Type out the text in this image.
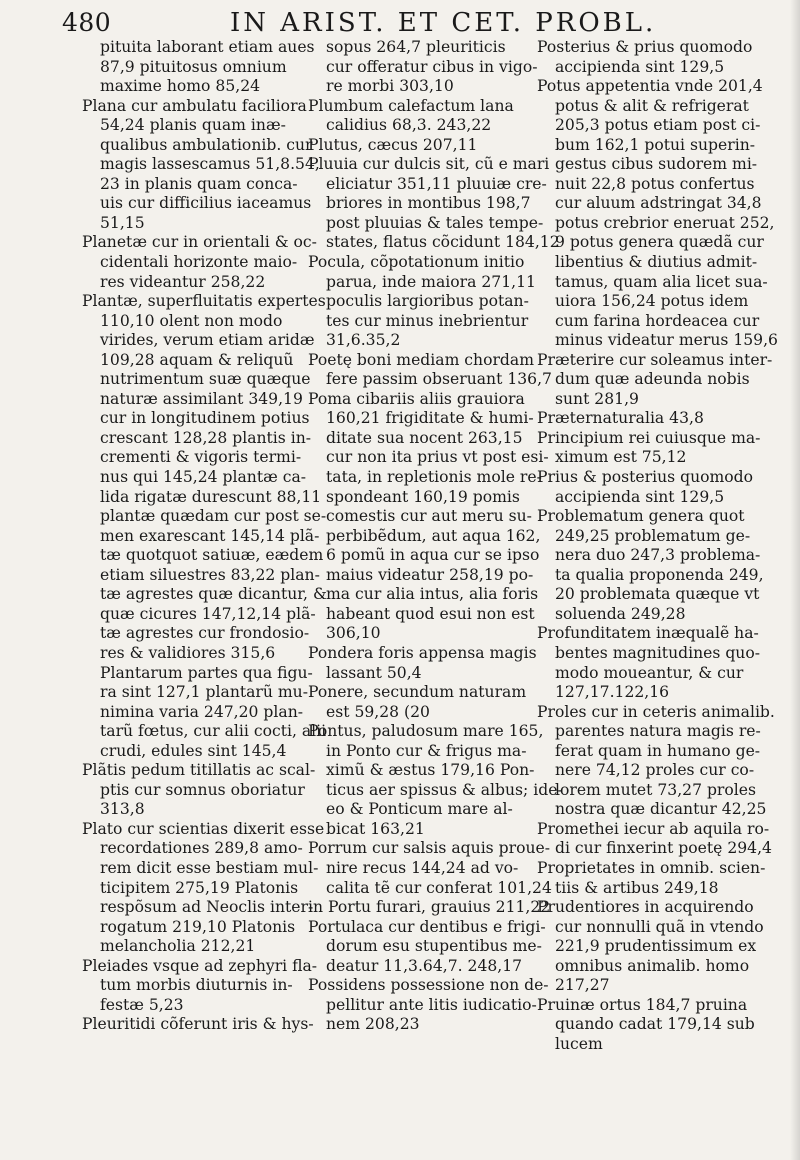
480	IN ARIST. ET CET. PROBL.
pituita laborant etiam aues
87,9 pituitosus omnium
maxime homo 85,24
Plana cur ambulatu faciliora
54,24 planis quam inæ-
qualibus ambulationib. cur
magis lassescamus 51,8.54,
23 in planis quam conca-
uis cur difficilius iaceamus
51,15
Planetæ cur in orientali & oc-
cidentali horizonte maio-
res videantur 258,22
Plantæ, superfluitatis expertes
110,10 olent non modo
virides, verum etiam aridæ
109,28 aquam & reliquũ
nutrimentum suæ quæque
naturæ assimilant 349,19
cur in longitudinem potius
crescant 128,28 plantis in-
crementi & vigoris termi-
nus qui 145,24 plantæ ca-
lida rigatæ durescunt 88,11
plantæ quædam cur post se-
men exarescant 145,14 plã-
tæ quotquot satiuæ, eædem
etiam siluestres 83,22 plan-
tæ agrestes quæ dicantur, &
quæ cicures 147,12,14 plã-
tæ agrestes cur frondosio-
res & validiores 315,6
Plantarum partes qua figu-
ra sint 127,1 plantarũ mu-
nimina varia 247,20 plan-
tarũ fœtus, cur alii cocti, alii
crudi, edules sint 145,4
Plãtis pedum titillatis ac scal-
ptis cur somnus oboriatur
313,8
Plato cur scientias dixerit esse
recordationes 289,8 amo-
rem dicit esse bestiam mul-
ticipitem 275,19 Platonis
respõsum ad Neoclis inter-
rogatum 219,10 Platonis
melancholia 212,21
Pleiades vsque ad zephyri fla-
tum morbis diuturnis in-
festæ 5,23
Pleuritidi cõferunt iris & hys-
sopus 264,7 pleuriticis
cur offeratur cibus in vigo-
re morbi 303,10
Plumbum calefactum lana
calidius 68,3. 243,22
Plutus, cæcus 207,11
Pluuia cur dulcis sit, cũ e mari
eliciatur 351,11 pluuiæ cre-
briores in montibus 198,7
post pluuias & tales tempe-
states, flatus cõcidunt 184,12
Pocula, cõpotationum initio
parua, inde maiora 271,11
poculis largioribus potan-
tes cur minus inebrientur
31,6.35,2
Poetę boni mediam chordam
fere passim obseruant 136,7
Poma cibariis aliis grauiora
160,21 frigiditate & humi-
ditate sua nocent 263,15
cur non ita prius vt post esi-
tata, in repletionis mole re-
spondeant 160,19 pomis
comestis cur aut meru su-
perbibẽdum, aut aqua 162,
6 pomũ in aqua cur se ipso
maius videatur 258,19 po-
ma cur alia intus, alia foris
habeant quod esui non est
306,10
Pondera foris appensa magis
lassant 50,4
Ponere, secundum naturam
est 59,28 (20
Pontus, paludosum mare 165,
in Ponto cur & frigus ma-
ximũ & æstus 179,16 Pon-
ticus aer spissus & albus; ide-
eo & Ponticum mare al-
bicat 163,21
Porrum cur salsis aquis proue-
nire recus 144,24 ad vo-
calita tẽ cur conferat 101,24
in Portu furari, grauius 211,22
Portulaca cur dentibus e frigi-
dorum esu stupentibus me-
deatur 11,3.64,7. 248,17
Possidens possessione non de-
pellitur ante litis iudicatio-
nem 208,23
Posterius & prius quomodo
accipienda sint 129,5
Potus appetentia vnde 201,4
potus & alit & refrigerat
205,3 potus etiam post ci-
bum 162,1 potui superin-
gestus cibus sudorem mi-
nuit 22,8 potus confertus
cur aluum adstringat 34,8
potus crebrior eneruat 252,
9 potus genera quædã cur
libentius & diutius admit-
tamus, quam alia licet sua-
uiora 156,24 potus idem
cum farina hordeacea cur
minus videatur merus 159,6
Præterire cur soleamus inter-
dum quæ adeunda nobis
sunt 281,9
Præternaturalia 43,8
Principium rei cuiusque ma-
ximum est 75,12
Prius & posterius quomodo
accipienda sint 129,5
Problematum genera quot
249,25 problematum ge-
nera duo 247,3 problema-
ta qualia proponenda 249,
20 problemata quæque vt
soluenda 249,28
Profunditatem inæqualẽ ha-
bentes magnitudines quo-
modo moueantur, & cur
127,17.122,16
Proles cur in ceteris animalib.
parentes natura magis re-
ferat quam in humano ge-
nere 74,12 proles cur co-
lorem mutet 73,27 proles
nostra quæ dicantur 42,25
Promethei iecur ab aquila ro-
di cur finxerint poetę 294,4
Proprietates in omnib. scien-
tiis & artibus 249,18
Prudentiores in acquirendo
cur nonnulli quã in vtendo
221,9 prudentissimum ex
omnibus animalib. homo
217,27
Pruinæ ortus 184,7 pruina
quando cadat 179,14 sub
lucem
